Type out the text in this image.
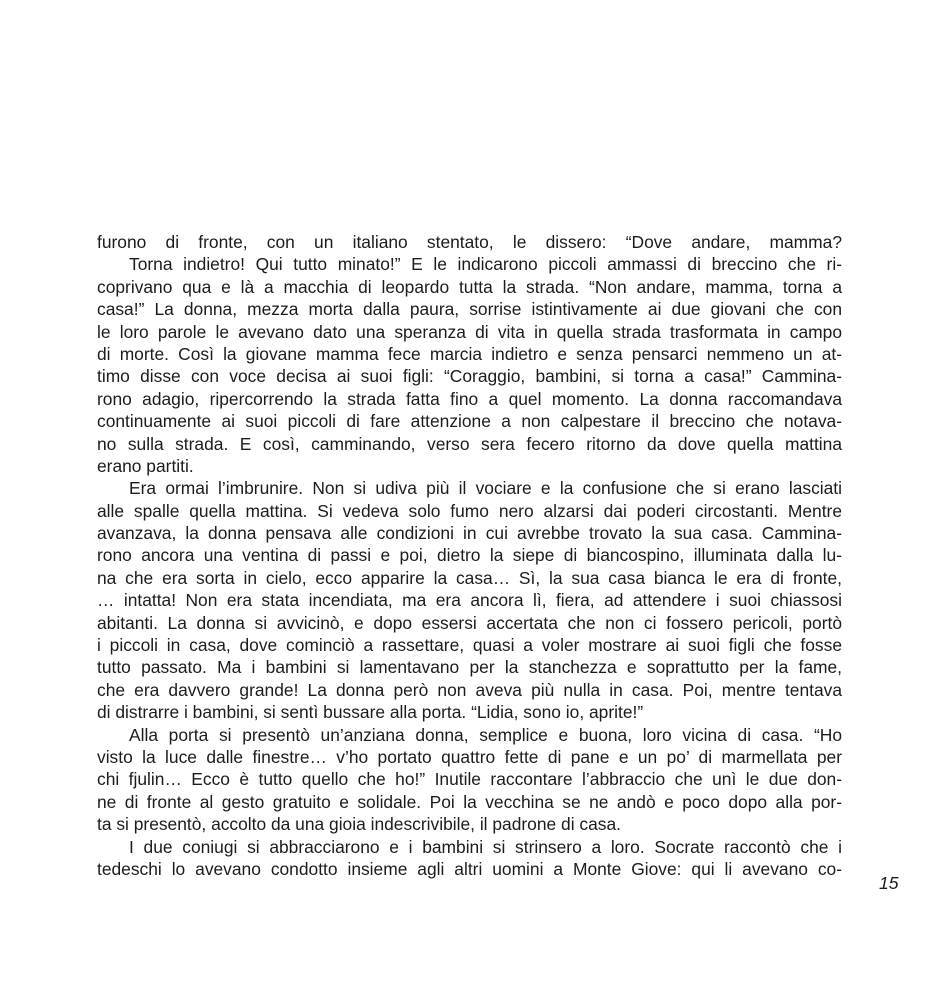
furono di fronte, con un italiano stentato, le dissero: “Dove andare, mamma?
Torna indietro! Qui tutto minato!” E le indicarono piccoli ammassi di breccino che ri-
coprivano qua e là a macchia di leopardo tutta la strada. “Non andare, mamma, torna a
casa!” La donna, mezza morta dalla paura, sorrise istintivamente ai due giovani che con
le loro parole le avevano dato una speranza di vita in quella strada trasformata in campo
di morte. Così la giovane mamma fece marcia indietro e senza pensarci nemmeno un at-
timo disse con voce decisa ai suoi figli: “Coraggio, bambini, si torna a casa!” Cammina-
rono adagio, ripercorrendo la strada fatta fino a quel momento. La donna raccomandava
continuamente ai suoi piccoli di fare attenzione a non calpestare il breccino che notava-
no sulla strada. E così, camminando, verso sera fecero ritorno da dove quella mattina
erano partiti.
Era ormai l’imbrunire. Non si udiva più il vociare e la confusione che si erano lasciati
alle spalle quella mattina. Si vedeva solo fumo nero alzarsi dai poderi circostanti. Mentre
avanzava, la donna pensava alle condizioni in cui avrebbe trovato la sua casa. Cammina-
rono ancora una ventina di passi e poi, dietro la siepe di biancospino, illuminata dalla lu-
na che era sorta in cielo, ecco apparire la casa… Sì, la sua casa bianca le era di fronte,
… intatta! Non era stata incendiata, ma era ancora lì, fiera, ad attendere i suoi chiassosi
abitanti. La donna si avvicinò, e dopo essersi accertata che non ci fossero pericoli, portò
i piccoli in casa, dove cominciò a rassettare, quasi a voler mostrare ai suoi figli che fosse
tutto passato. Ma i bambini si lamentavano per la stanchezza e soprattutto per la fame,
che era davvero grande! La donna però non aveva più nulla in casa. Poi, mentre tentava
di distrarre i bambini, si sentì bussare alla porta. “Lidia, sono io, aprite!”
Alla porta si presentò un’anziana donna, semplice e buona, loro vicina di casa. “Ho
visto la luce dalle finestre… v’ho portato quattro fette di pane e un po’ di marmellata per
chi fjulin… Ecco è tutto quello che ho!” Inutile raccontare l’abbraccio che unì le due don-
ne di fronte al gesto gratuito e solidale. Poi la vecchina se ne andò e poco dopo alla por-
ta si presentò, accolto da una gioia indescrivibile, il padrone di casa.
I due coniugi si abbracciarono e i bambini si strinsero a loro. Socrate raccontò che i
tedeschi lo avevano condotto insieme agli altri uomini a Monte Giove: qui li avevano co-
15
